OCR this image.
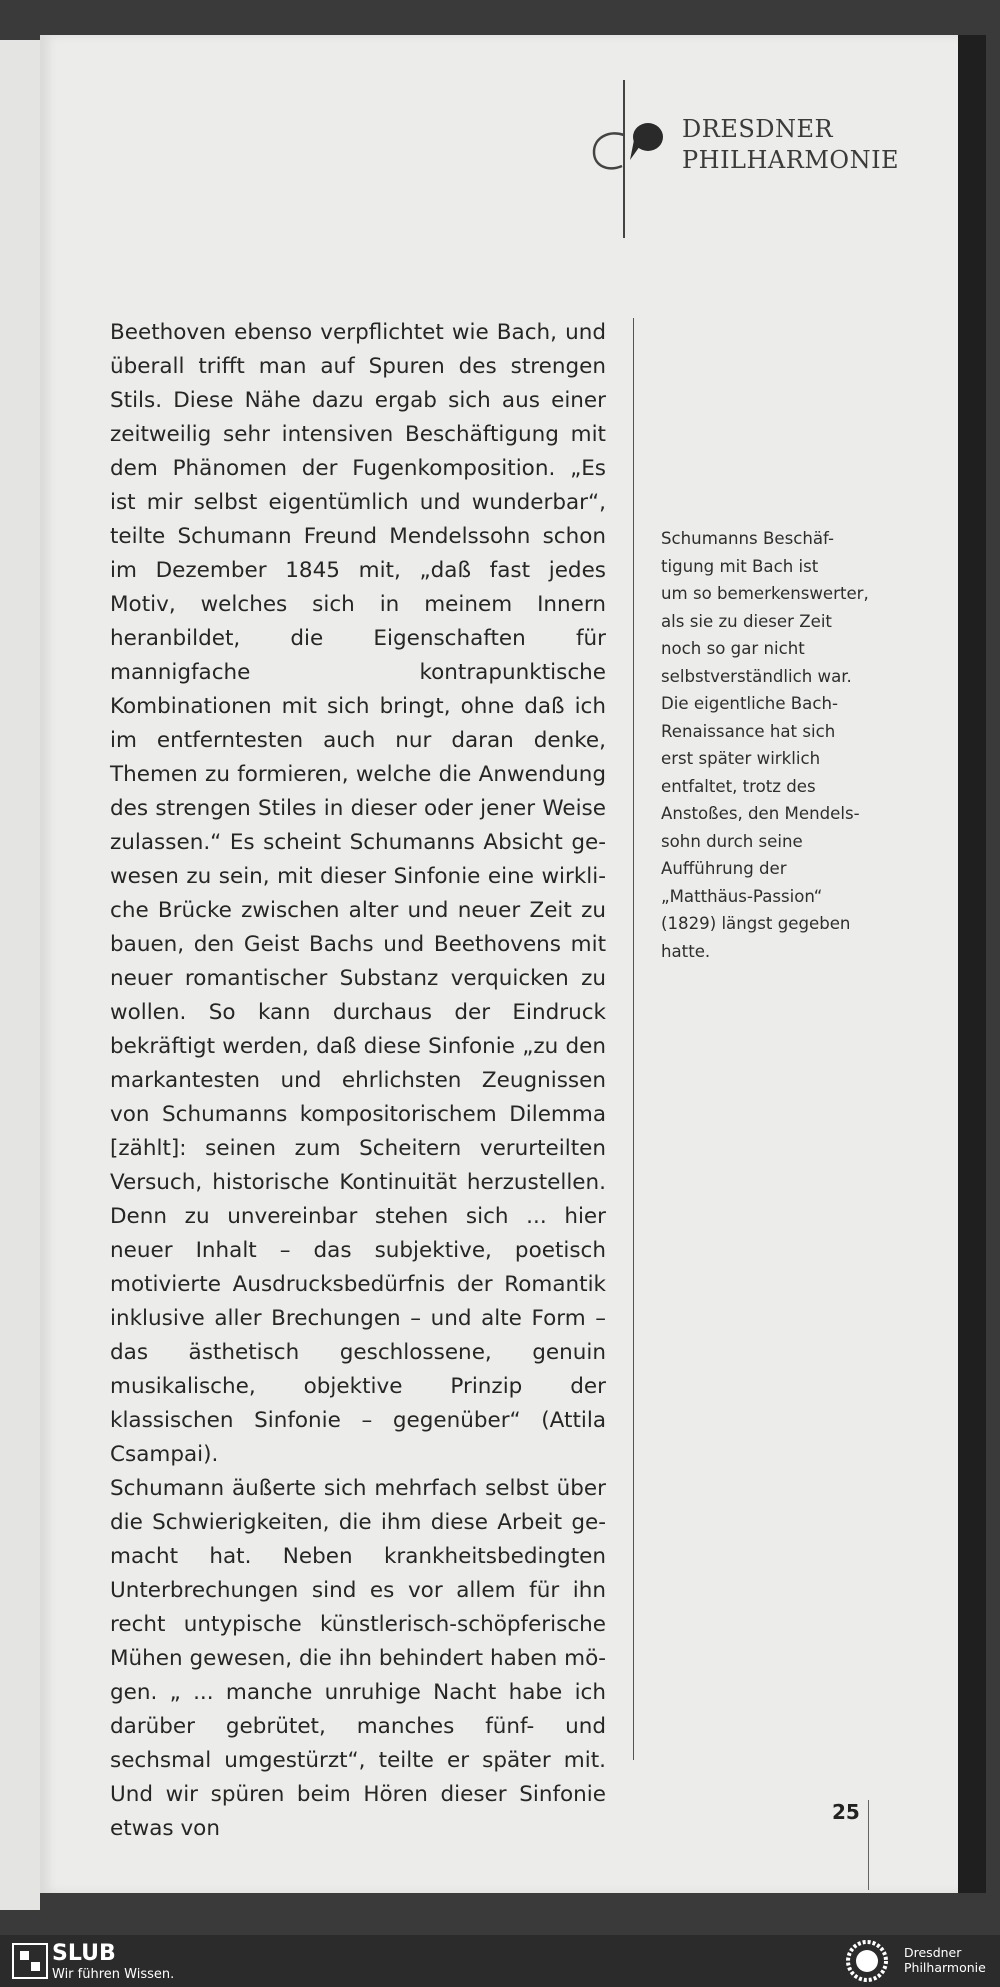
DRESDNER
PHILHARMONIE

Beethoven ebenso verpflichtet wie Bach, und überall trifft man auf Spuren des strengen Stils. Diese Nähe dazu ergab sich aus einer zeitweilig sehr intensiven Beschäftigung mit dem Phänomen der Fugenkomposition. „Es ist mir selbst eigentümlich und wunderbar“, teilte Schumann Freund Mendelssohn schon im Dezember 1845 mit, „daß fast jedes Motiv, welches sich in meinem Innern heranbildet, die Eigenschaften für mannigfache kontrapunktische Kombinationen mit sich bringt, ohne daß ich im entferntesten auch nur daran denke, Themen zu formieren, welche die Anwendung des strengen Stiles in dieser oder jener Weise zulassen.“ Es scheint Schumanns Absicht gewesen zu sein, mit dieser Sinfonie eine wirkliche Brücke zwischen alter und neuer Zeit zu bauen, den Geist Bachs und Beethovens mit neuer romantischer Substanz verquicken zu wollen. So kann durchaus der Eindruck bekräftigt werden, daß diese Sinfonie „zu den markantesten und ehrlichsten Zeugnissen von Schumanns kompositorischem Dilemma [zählt]: seinen zum Scheitern verurteilten Versuch, historische Kontinuität herzustellen. Denn zu unvereinbar stehen sich ... hier neuer Inhalt – das subjektive, poetisch motivierte Ausdrucksbedürfnis der Romantik inklusive aller Brechungen – und alte Form – das ästhetisch geschlossene, genuin musikalische, objektive Prinzip der klassischen Sinfonie – gegenüber“ (Attila Csampai).

Schumann äußerte sich mehrfach selbst über die Schwierigkeiten, die ihm diese Arbeit gemacht hat. Neben krankheitsbedingten Unterbrechungen sind es vor allem für ihn recht untypische künstlerisch-schöpferische Mühen gewesen, die ihn behindert haben mögen. „ ... manche unruhige Nacht habe ich darüber gebrütet, manches fünf- und sechsmal umgestürzt“, teilte er später mit. Und wir spüren beim Hören dieser Sinfonie etwas von

Schumanns Beschäf-
tigung mit Bach ist
um so bemerkenswerter,
als sie zu dieser Zeit
noch so gar nicht
selbstverständlich war.
Die eigentliche Bach-
Renaissance hat sich
erst später wirklich
entfaltet, trotz des
Anstoßes, den Mendels-
sohn durch seine
Aufführung der
„Matthäus-Passion“
(1829) längst gegeben
hatte.
25
SLUB
Wir führen Wissen.
Dresdner
Philharmonie
